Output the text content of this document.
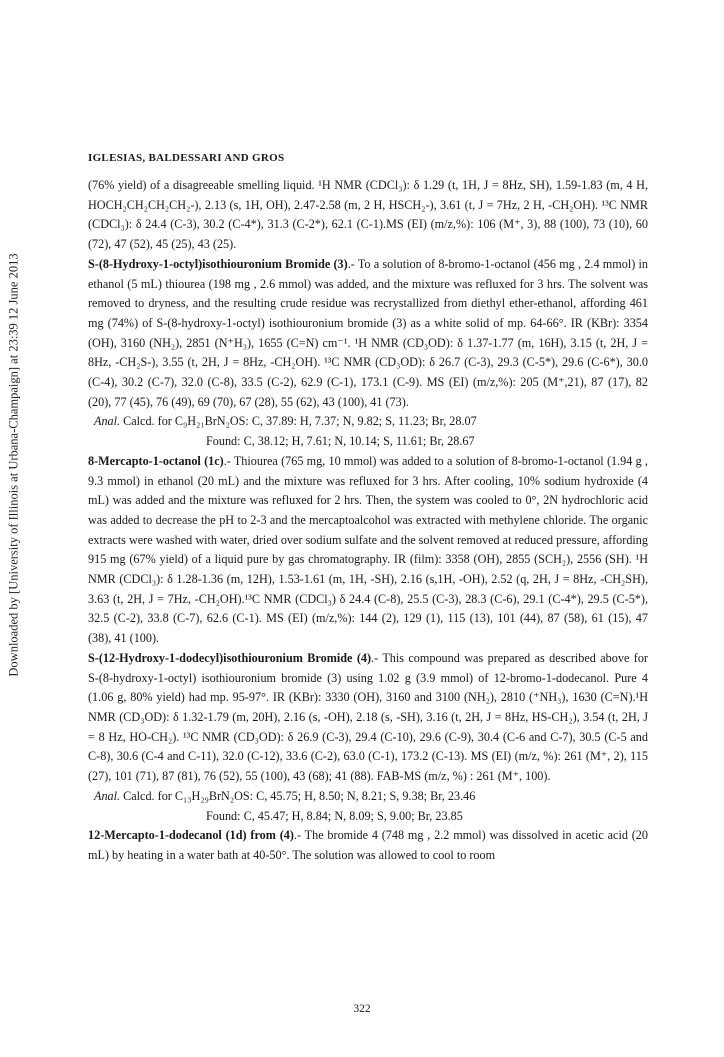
Downloaded by [University of Illinois at Urbana-Champaign] at 23:39 12 June 2013
IGLESIAS, BALDESSARI AND GROS

(76% yield) of a disagreeable smelling liquid. ¹H NMR (CDCl₃): δ 1.29 (t, 1H, J = 8Hz, SH), 1.59-1.83 (m, 4 H, HOCH₂CH₂CH₂CH₂-), 2.13 (s, 1H, OH), 2.47-2.58 (m, 2 H, HSCH₂-), 3.61 (t, J = 7Hz, 2 H, -CH₂OH). ¹³C NMR (CDCl₃): δ 24.4 (C-3), 30.2 (C-4*), 31.3 (C-2*), 62.1 (C-1).MS (EI) (m/z,%): 106 (M⁺, 3), 88 (100), 73 (10), 60 (72), 47 (52), 45 (25), 43 (25).

S-(8-Hydroxy-1-octyl)isothiouronium Bromide (3).- To a solution of 8-bromo-1-octanol (456 mg , 2.4 mmol) in ethanol (5 mL) thiourea (198 mg , 2.6 mmol) was added, and the mixture was refluxed for 3 hrs. The solvent was removed to dryness, and the resulting crude residue was recrystallized from diethyl ether-ethanol, affording 461 mg (74%) of S-(8-hydroxy-1-octyl) isothiouronium bromide (3) as a white solid of mp. 64-66°. IR (KBr): 3354 (OH), 3160 (NH₂), 2851 (N⁺H₃), 1655 (C=N) cm⁻¹. ¹H NMR (CD₃OD): δ 1.37-1.77 (m, 16H), 3.15 (t, 2H, J = 8Hz, -CH₂S-), 3.55 (t, 2H, J = 8Hz, -CH₂OH). ¹³C NMR (CD₃OD): δ 26.7 (C-3), 29.3 (C-5*), 29.6 (C-6*), 30.0 (C-4), 30.2 (C-7), 32.0 (C-8), 33.5 (C-2), 62.9 (C-1), 173.1 (C-9). MS (EI) (m/z,%): 205 (M⁺,21), 87 (17), 82 (20), 77 (45), 76 (49), 69 (70), 67 (28), 55 (62), 43 (100), 41 (73).

Anal. Calcd. for C₉H₂₁BrN₂OS: C, 37.89: H, 7.37; N, 9.82; S, 11.23; Br, 28.07

Found: C, 38.12; H, 7.61; N, 10.14; S, 11.61; Br, 28.67

8-Mercapto-1-octanol (1c).- Thiourea (765 mg, 10 mmol) was added to a solution of 8-bromo-1-octanol (1.94 g , 9.3 mmol) in ethanol (20 mL) and the mixture was refluxed for 3 hrs. After cooling, 10% sodium hydroxide (4 mL) was added and the mixture was refluxed for 2 hrs. Then, the system was cooled to 0°, 2N hydrochloric acid was added to decrease the pH to 2-3 and the mercaptoalcohol was extracted with methylene chloride. The organic extracts were washed with water, dried over sodium sulfate and the solvent removed at reduced pressure, affording 915 mg (67% yield) of a liquid pure by gas chromatography. IR (film): 3358 (OH), 2855 (SCH₂), 2556 (SH). ¹H NMR (CDCl₃): δ 1.28-1.36 (m, 12H), 1.53-1.61 (m, 1H, -SH), 2.16 (s,1H, -OH), 2.52 (q, 2H, J = 8Hz, -CH₂SH), 3.63 (t, 2H, J = 7Hz, -CH₂OH).¹³C NMR (CDCl₃) δ 24.4 (C-8), 25.5 (C-3), 28.3 (C-6), 29.1 (C-4*), 29.5 (C-5*), 32.5 (C-2), 33.8 (C-7), 62.6 (C-1). MS (EI) (m/z,%): 144 (2), 129 (1), 115 (13), 101 (44), 87 (58), 61 (15), 47 (38), 41 (100).

S-(12-Hydroxy-1-dodecyl)isothiouronium Bromide (4).- This compound was prepared as described above for S-(8-hydroxy-1-octyl) isothiouronium bromide (3) using 1.02 g (3.9 mmol) of 12-bromo-1-dodecanol. Pure 4 (1.06 g, 80% yield) had mp. 95-97°. IR (KBr): 3330 (OH), 3160 and 3100 (NH₂), 2810 (⁺NH₃), 1630 (C=N).¹H NMR (CD₃OD): δ 1.32-1.79 (m, 20H), 2.16 (s, -OH), 2.18 (s, -SH), 3.16 (t, 2H, J = 8Hz, HS-CH₂), 3.54 (t, 2H, J = 8 Hz, HO-CH₂). ¹³C NMR (CD₃OD): δ 26.9 (C-3), 29.4 (C-10), 29.6 (C-9), 30.4 (C-6 and C-7), 30.5 (C-5 and C-8), 30.6 (C-4 and C-11), 32.0 (C-12), 33.6 (C-2), 63.0 (C-1), 173.2 (C-13). MS (EI) (m/z, %): 261 (M⁺, 2), 115 (27), 101 (71), 87 (81), 76 (52), 55 (100), 43 (68); 41 (88). FAB-MS (m/z, %) : 261 (M⁺, 100).

Anal. Calcd. for C₁₃H₂₉BrN₂OS: C, 45.75; H, 8.50; N, 8.21; S, 9.38; Br, 23.46

Found: C, 45.47; H, 8.84; N, 8.09; S, 9.00; Br, 23.85

12-Mercapto-1-dodecanol (1d) from (4).- The bromide 4 (748 mg , 2.2 mmol) was dissolved in acetic acid (20 mL) by heating in a water bath at 40-50°. The solution was allowed to cool to room

322
